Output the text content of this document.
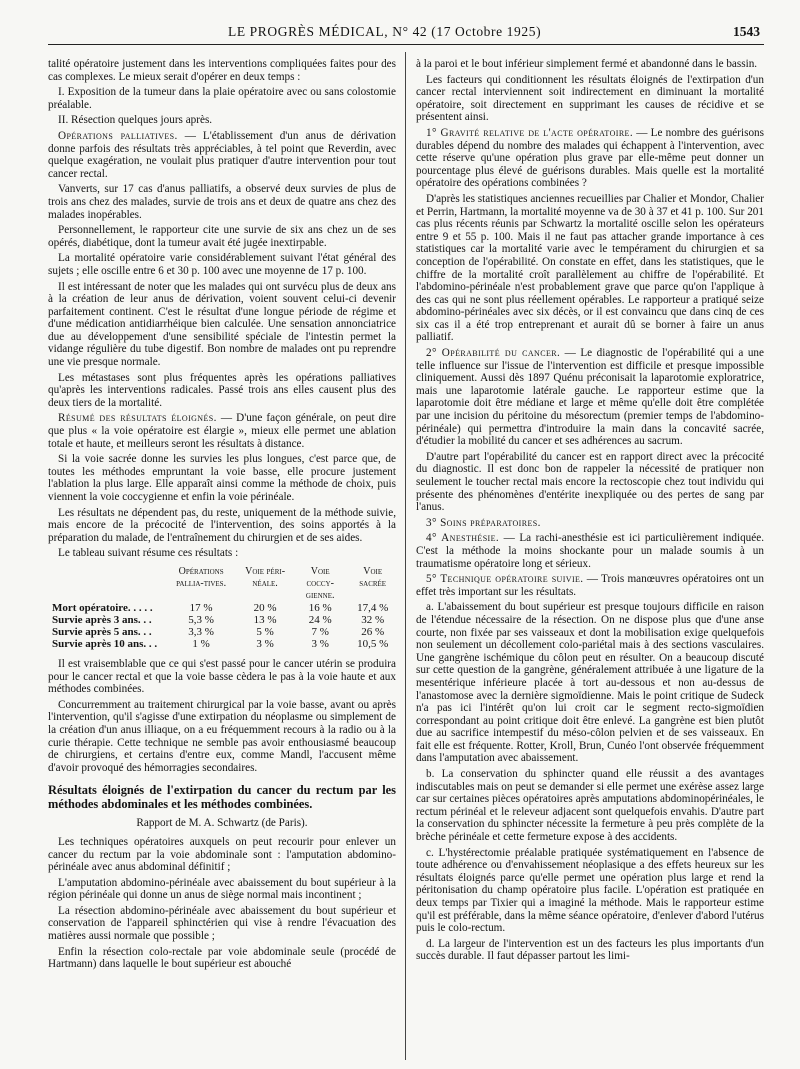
LE PROGRÈS MÉDICAL, N° 42 (17 Octobre 1925)	1543

talité opératoire justement dans les interventions compliquées faites pour des cas complexes. Le mieux serait d'opérer en deux temps :

I. Exposition de la tumeur dans la plaie opératoire avec ou sans colostomie préalable.

II. Résection quelques jours après.

Opérations palliatives. — L'établissement d'un anus de dérivation donne parfois des résultats très appréciables, à tel point que Reverdin, avec quelque exagération, ne voulait plus pratiquer d'autre intervention pour tout cancer rectal.

Vanverts, sur 17 cas d'anus palliatifs, a observé deux survies de plus de trois ans chez des malades, survie de trois ans et deux de quatre ans chez des malades inopérables.

Personnellement, le rapporteur cite une survie de six ans chez un de ses opérés, diabétique, dont la tumeur avait été jugée inextirpable.

La mortalité opératoire varie considérablement suivant l'état général des sujets ; elle oscille entre 6 et 30 p. 100 avec une moyenne de 17 p. 100.

Il est intéressant de noter que les malades qui ont survécu plus de deux ans à la création de leur anus de dérivation, voient souvent celui-ci devenir parfaitement continent. C'est le résultat d'une longue période de régime et d'une médication antidiarrhéique bien calculée. Une sensation annonciatrice due au développement d'une sensibilité spéciale de l'intestin permet la vidange régulière du tube digestif. Bon nombre de malades ont pu reprendre une vie presque normale.

Les métastases sont plus fréquentes après les opérations palliatives qu'après les interventions radicales. Passé trois ans elles causent plus des deux tiers de la mortalité.

Résumé des résultats éloignés. — D'une façon générale, on peut dire que plus « la voie opératoire est élargie », mieux elle permet une ablation totale et haute, et meilleurs seront les résultats à distance.

Si la voie sacrée donne les survies les plus longues, c'est parce que, de toutes les méthodes empruntant la voie basse, elle procure justement l'ablation la plus large. Elle apparaît ainsi comme la méthode de choix, puis viennent la voie coccygienne et enfin la voie périnéale.

Les résultats ne dépendent pas, du reste, uniquement de la méthode suivie, mais encore de la précocité de l'intervention, des soins apportés à la préparation du malade, de l'entraînement du chirurgien et de ses aides.

Le tableau suivant résume ces résultats :

	Opérations pallia-tives.	Voie péri-néale.	Voie coccy-gienne.	Voie sacrée
Mort opératoire. . . . .	17 %	20 %	16 %	17,4 %
Survie après 3 ans. . .	5,3 %	13 %	24 %	32 %
Survie après 5 ans. . .	3,3 %	5 %	7 %	26 %
Survie après 10 ans. . .	1 %	3 %	3 %	10,5 %

Il est vraisemblable que ce qui s'est passé pour le cancer utérin se produira pour le cancer rectal et que la voie basse cèdera le pas à la voie haute et aux méthodes combinées.

Concurremment au traitement chirurgical par la voie basse, avant ou après l'intervention, qu'il s'agisse d'une extirpation du néoplasme ou simplement de la création d'un anus illiaque, on a eu fréquemment recours à la radio ou à la curie thérapie. Cette technique ne semble pas avoir enthousiasmé beaucoup de chirurgiens, et certains d'entre eux, comme Mandl, l'accusent même d'avoir provoqué des hémorragies secondaires.

Résultats éloignés de l'extirpation du cancer du rectum par les méthodes abdominales et les méthodes combinées.

Rapport de M. A. Schwartz (de Paris).

Les techniques opératoires auxquels on peut recourir pour enlever un cancer du rectum par la voie abdominale sont : l'amputation abdomino-périnéale avec anus abdominal définitif ;

L'amputation abdomino-périnéale avec abaissement du bout supérieur à la région périnéale qui donne un anus de siège normal mais incontinent ;

La résection abdomino-périnéale avec abaissement du bout supérieur et conservation de l'appareil sphinctérien qui vise à rendre l'évacuation des matières aussi normale que possible ;

Enfin la résection colo-rectale par voie abdominale seule (procédé de Hartmann) dans laquelle le bout supérieur est abouché

à la paroi et le bout inférieur simplement fermé et abandonné dans le bassin.

Les facteurs qui conditionnent les résultats éloignés de l'extirpation d'un cancer rectal interviennent soit indirectement en diminuant la mortalité opératoire, soit directement en supprimant les causes de récidive et se présentent ainsi.

1° Gravité relative de l'acte opératoire. — Le nombre des guérisons durables dépend du nombre des malades qui échappent à l'intervention, avec cette réserve qu'une opération plus grave par elle-même peut donner un pourcentage plus élevé de guérisons durables. Mais quelle est la mortalité opératoire des opérations combinées ?

D'après les statistiques anciennes recueillies par Chalier et Mondor, Chalier et Perrin, Hartmann, la mortalité moyenne va de 30 à 37 et 41 p. 100. Sur 201 cas plus récents réunis par Schwartz la mortalité oscille selon les opérateurs entre 9 et 55 p. 100. Mais il ne faut pas attacher grande importance à ces statistiques car la mortalité varie avec le tempérament du chirurgien et sa conception de l'opérabilité. On constate en effet, dans les statistiques, que le chiffre de la mortalité croît parallèlement au chiffre de l'opérabilité. Et l'abdomino-périnéale n'est probablement grave que parce qu'on l'applique à des cas qui ne sont plus réellement opérables. Le rapporteur a pratiqué seize abdomino-périnéales avec six décès, or il est convaincu que dans cinq de ces six cas il a été trop entreprenant et aurait dû se borner à faire un anus palliatif.

2° Opérabilité du cancer. — Le diagnostic de l'opérabilité qui a une telle influence sur l'issue de l'intervention est difficile et presque impossible cliniquement. Aussi dès 1897 Quénu préconisait la laparotomie exploratrice, mais une laparotomie latérale gauche. Le rapporteur estime que la laparotomie doit être médiane et large et même qu'elle doit être complétée par une incision du péritoine du mésorectum (premier temps de l'abdomino-périnéale) qui permettra d'introduire la main dans la concavité sacrée, d'étudier la mobilité du cancer et ses adhérences au sacrum.

D'autre part l'opérabilité du cancer est en rapport direct avec la précocité du diagnostic. Il est donc bon de rappeler la nécessité de pratiquer non seulement le toucher rectal mais encore la rectoscopie chez tout individu qui présente des phénomènes d'entérite inexpliquée ou des pertes de sang par l'anus.

3° Soins préparatoires.

4° Anesthésie. — La rachi-anesthésie est ici particulièrement indiquée. C'est la méthode la moins shockante pour un malade soumis à un traumatisme opératoire long et sérieux.

5° Technique opératoire suivie. — Trois manœuvres opératoires ont un effet très important sur les résultats.

a. L'abaissement du bout supérieur est presque toujours difficile en raison de l'étendue nécessaire de la résection. On ne dispose plus que d'une anse courte, non fixée par ses vaisseaux et dont la mobilisation exige quelquefois non seulement un décollement colo-pariétal mais à des sections vasculaires. Une gangrène ischémique du côlon peut en résulter. On a beaucoup discuté sur cette question de la gangrène, généralement attribuée à une ligature de la mesentérique inférieure placée à tort au-dessous et non au-dessus de l'anastomose avec la dernière sigmoïdienne. Mais le point critique de Sudeck n'a pas ici l'intérêt qu'on lui croit car le segment recto-sigmoïdien correspondant au point critique doit être enlevé. La gangrène est bien plutôt due au sacrifice intempestif du méso-côlon pelvien et de ses vaisseaux. En fait elle est fréquente. Rotter, Kroll, Brun, Cunéo l'ont observée fréquemment dans l'amputation avec abaissement.

b. La conservation du sphincter quand elle réussit a des avantages indiscutables mais on peut se demander si elle permet une exérèse assez large car sur certaines pièces opératoires après amputations abdominopérinéales, le rectum périnéal et le releveur adjacent sont quelquefois envahis. D'autre part la conservation du sphincter nécessite la fermeture à peu près complète de la brèche périnéale et cette fermeture expose à des accidents.

c. L'hystérectomie préalable pratiquée systématiquement en l'absence de toute adhérence ou d'envahissement néoplasique a des effets heureux sur les résultats éloignés parce qu'elle permet une opération plus large et rend la péritonisation du champ opératoire plus facile. L'opération est pratiquée en deux temps par Tixier qui a imaginé la méthode. Mais le rapporteur estime qu'il est préférable, dans la même séance opératoire, d'enlever d'abord l'utérus puis le colo-rectum.

d. La largeur de l'intervention est un des facteurs les plus importants d'un succès durable. Il faut dépasser partout les limi-
